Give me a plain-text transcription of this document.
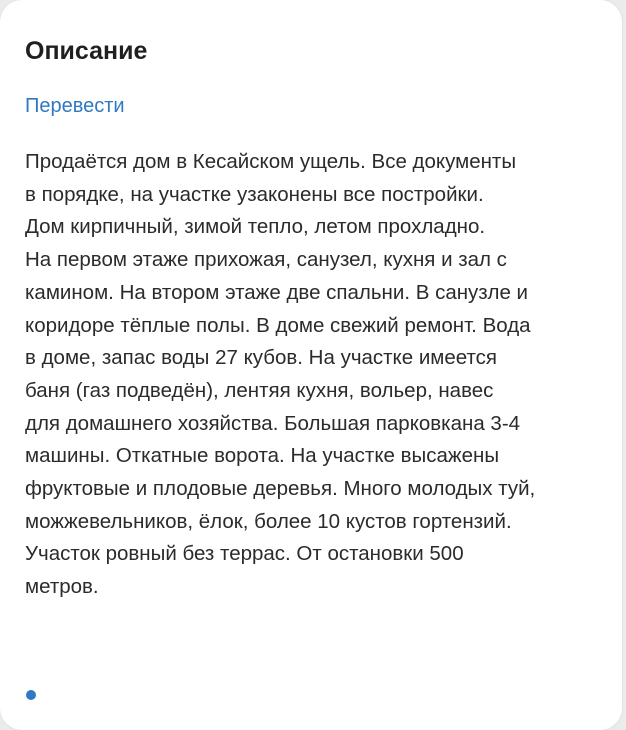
Описание
Перевести

Продаётся дом в Кесайском ущель. Все документы
в порядке, на участке узаконены все постройки.
Дом кирпичный, зимой тепло, летом прохладно.
На первом этаже прихожая, санузел, кухня и зал с
камином. На втором этаже две спальни. В санузле и
коридоре тёплые полы. В доме свежий ремонт. Вода
в доме, запас воды 27 кубов. На участке имеется
баня (газ подведён), лентяя кухня, вольер, навес
для домашнего хозяйства. Большая парковкана 3-4
машины. Откатные ворота. На участке высажены
фруктовые и плодовые деревья. Много молодых туй,
можжевельников, ёлок, более 10 кустов гортензий.
Участок ровный без террас. От остановки 500
метров.
